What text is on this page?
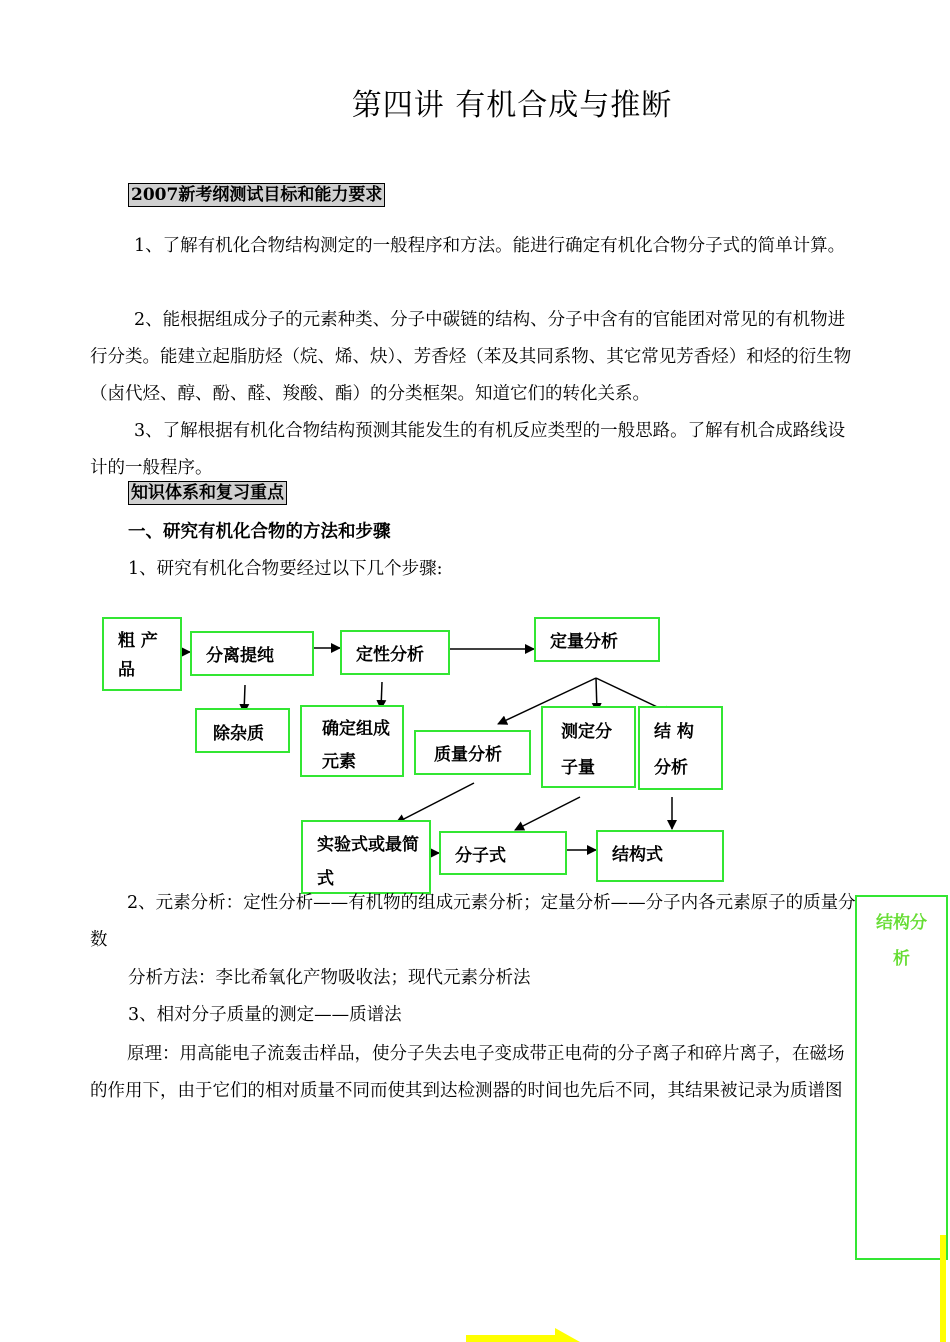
第四讲 有机合成与推断
2007新考纲测试目标和能力要求
1、了解有机化合物结构测定的一般程序和方法。能进行确定有机化合物分子式的简单计算。
2、能根据组成分子的元素种类、分子中碳链的结构、分子中含有的官能团对常见的有机物进行分类。能建立起脂肪烃（烷、烯、炔）、芳香烃（苯及其同系物、其它常见芳香烃）和烃的衍生物（卤代烃、醇、酚、醛、羧酸、酯）的分类框架。知道它们的转化关系。
3、了解根据有机化合物结构预测其能发生的有机反应类型的一般思路。了解有机合成路线设计的一般程序。
知识体系和复习重点
一、研究有机化合物的方法和步骤
1、研究有机化合物要经过以下几个步骤:
粗 产 品
分离提纯
除杂质
定性分析
确定组成元素
定量分析
质量分析
测定分子量
结 构 分析
实验式或最简式
分子式	结构式
2、元素分析：定性分析——有机物的组成元素分析；定量分析——分子内各元素原子的质量分数
分析方法：李比希氧化产物吸收法；现代元素分析法
3、相对分子质量的测定——质谱法
原理：用高能电子流轰击样品，使分子失去电子变成带正电荷的分子离子和碎片离子，在磁场的作用下，由于它们的相对质量不同而使其到达检测器的时间也先后不同，其结果被记录为质谱图
结构分析
